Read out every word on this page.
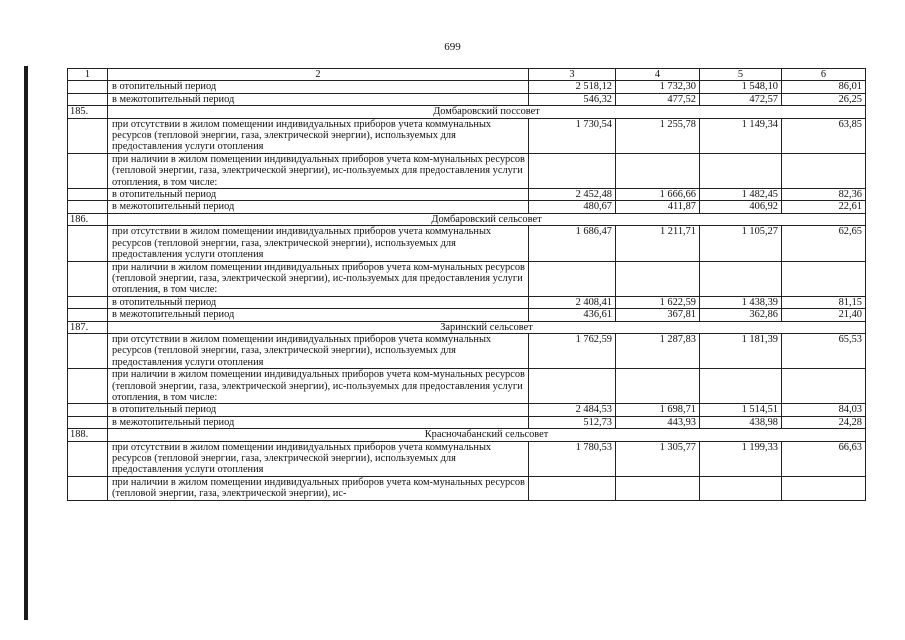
699
1	2	3	4	5	6
	в отопительный период	2 518,12	1 732,30	1 548,10	86,01
	в межотопительный период	546,32	477,52	472,57	26,25
185.	Домбаровский поссовет				
	при отсутствии в жилом помещении индивидуальных приборов учета коммунальных ресурсов (тепловой энергии, газа, электрической энергии), используемых для предоставления услуги отопления	1 730,54	1 255,78	1 149,34	63,85
	при наличии в жилом помещении индивидуальных приборов учета ком-мунальных ресурсов (тепловой энергии, газа, электрической энергии), ис-пользуемых для предоставления услуги отопления, в том числе:				
	в отопительный период	2 452,48	1 666,66	1 482,45	82,36
	в межотопительный период	480,67	411,87	406,92	22,61
186.	Домбаровский сельсовет				
	при отсутствии в жилом помещении индивидуальных приборов учета коммунальных ресурсов (тепловой энергии, газа, электрической энергии), используемых для предоставления услуги отопления	1 686,47	1 211,71	1 105,27	62,65
	при наличии в жилом помещении индивидуальных приборов учета ком-мунальных ресурсов (тепловой энергии, газа, электрической энергии), ис-пользуемых для предоставления услуги отопления, в том числе:				
	в отопительный период	2 408,41	1 622,59	1 438,39	81,15
	в межотопительный период	436,61	367,81	362,86	21,40
187.	Заринский сельсовет				
	при отсутствии в жилом помещении индивидуальных приборов учета коммунальных ресурсов (тепловой энергии, газа, электрической энергии), используемых для предоставления услуги отопления	1 762,59	1 287,83	1 181,39	65,53
	при наличии в жилом помещении индивидуальных приборов учета ком-мунальных ресурсов (тепловой энергии, газа, электрической энергии), ис-пользуемых для предоставления услуги отопления, в том числе:				
	в отопительный период	2 484,53	1 698,71	1 514,51	84,03
	в межотопительный период	512,73	443,93	438,98	24,28
188.	Красночабанский сельсовет				
	при отсутствии в жилом помещении индивидуальных приборов учета коммунальных ресурсов (тепловой энергии, газа, электрической энергии), используемых для предоставления услуги отопления	1 780,53	1 305,77	1 199,33	66,63
	при наличии в жилом помещении индивидуальных приборов учета ком-мунальных ресурсов (тепловой энергии, газа, электрической энергии), ис-				
